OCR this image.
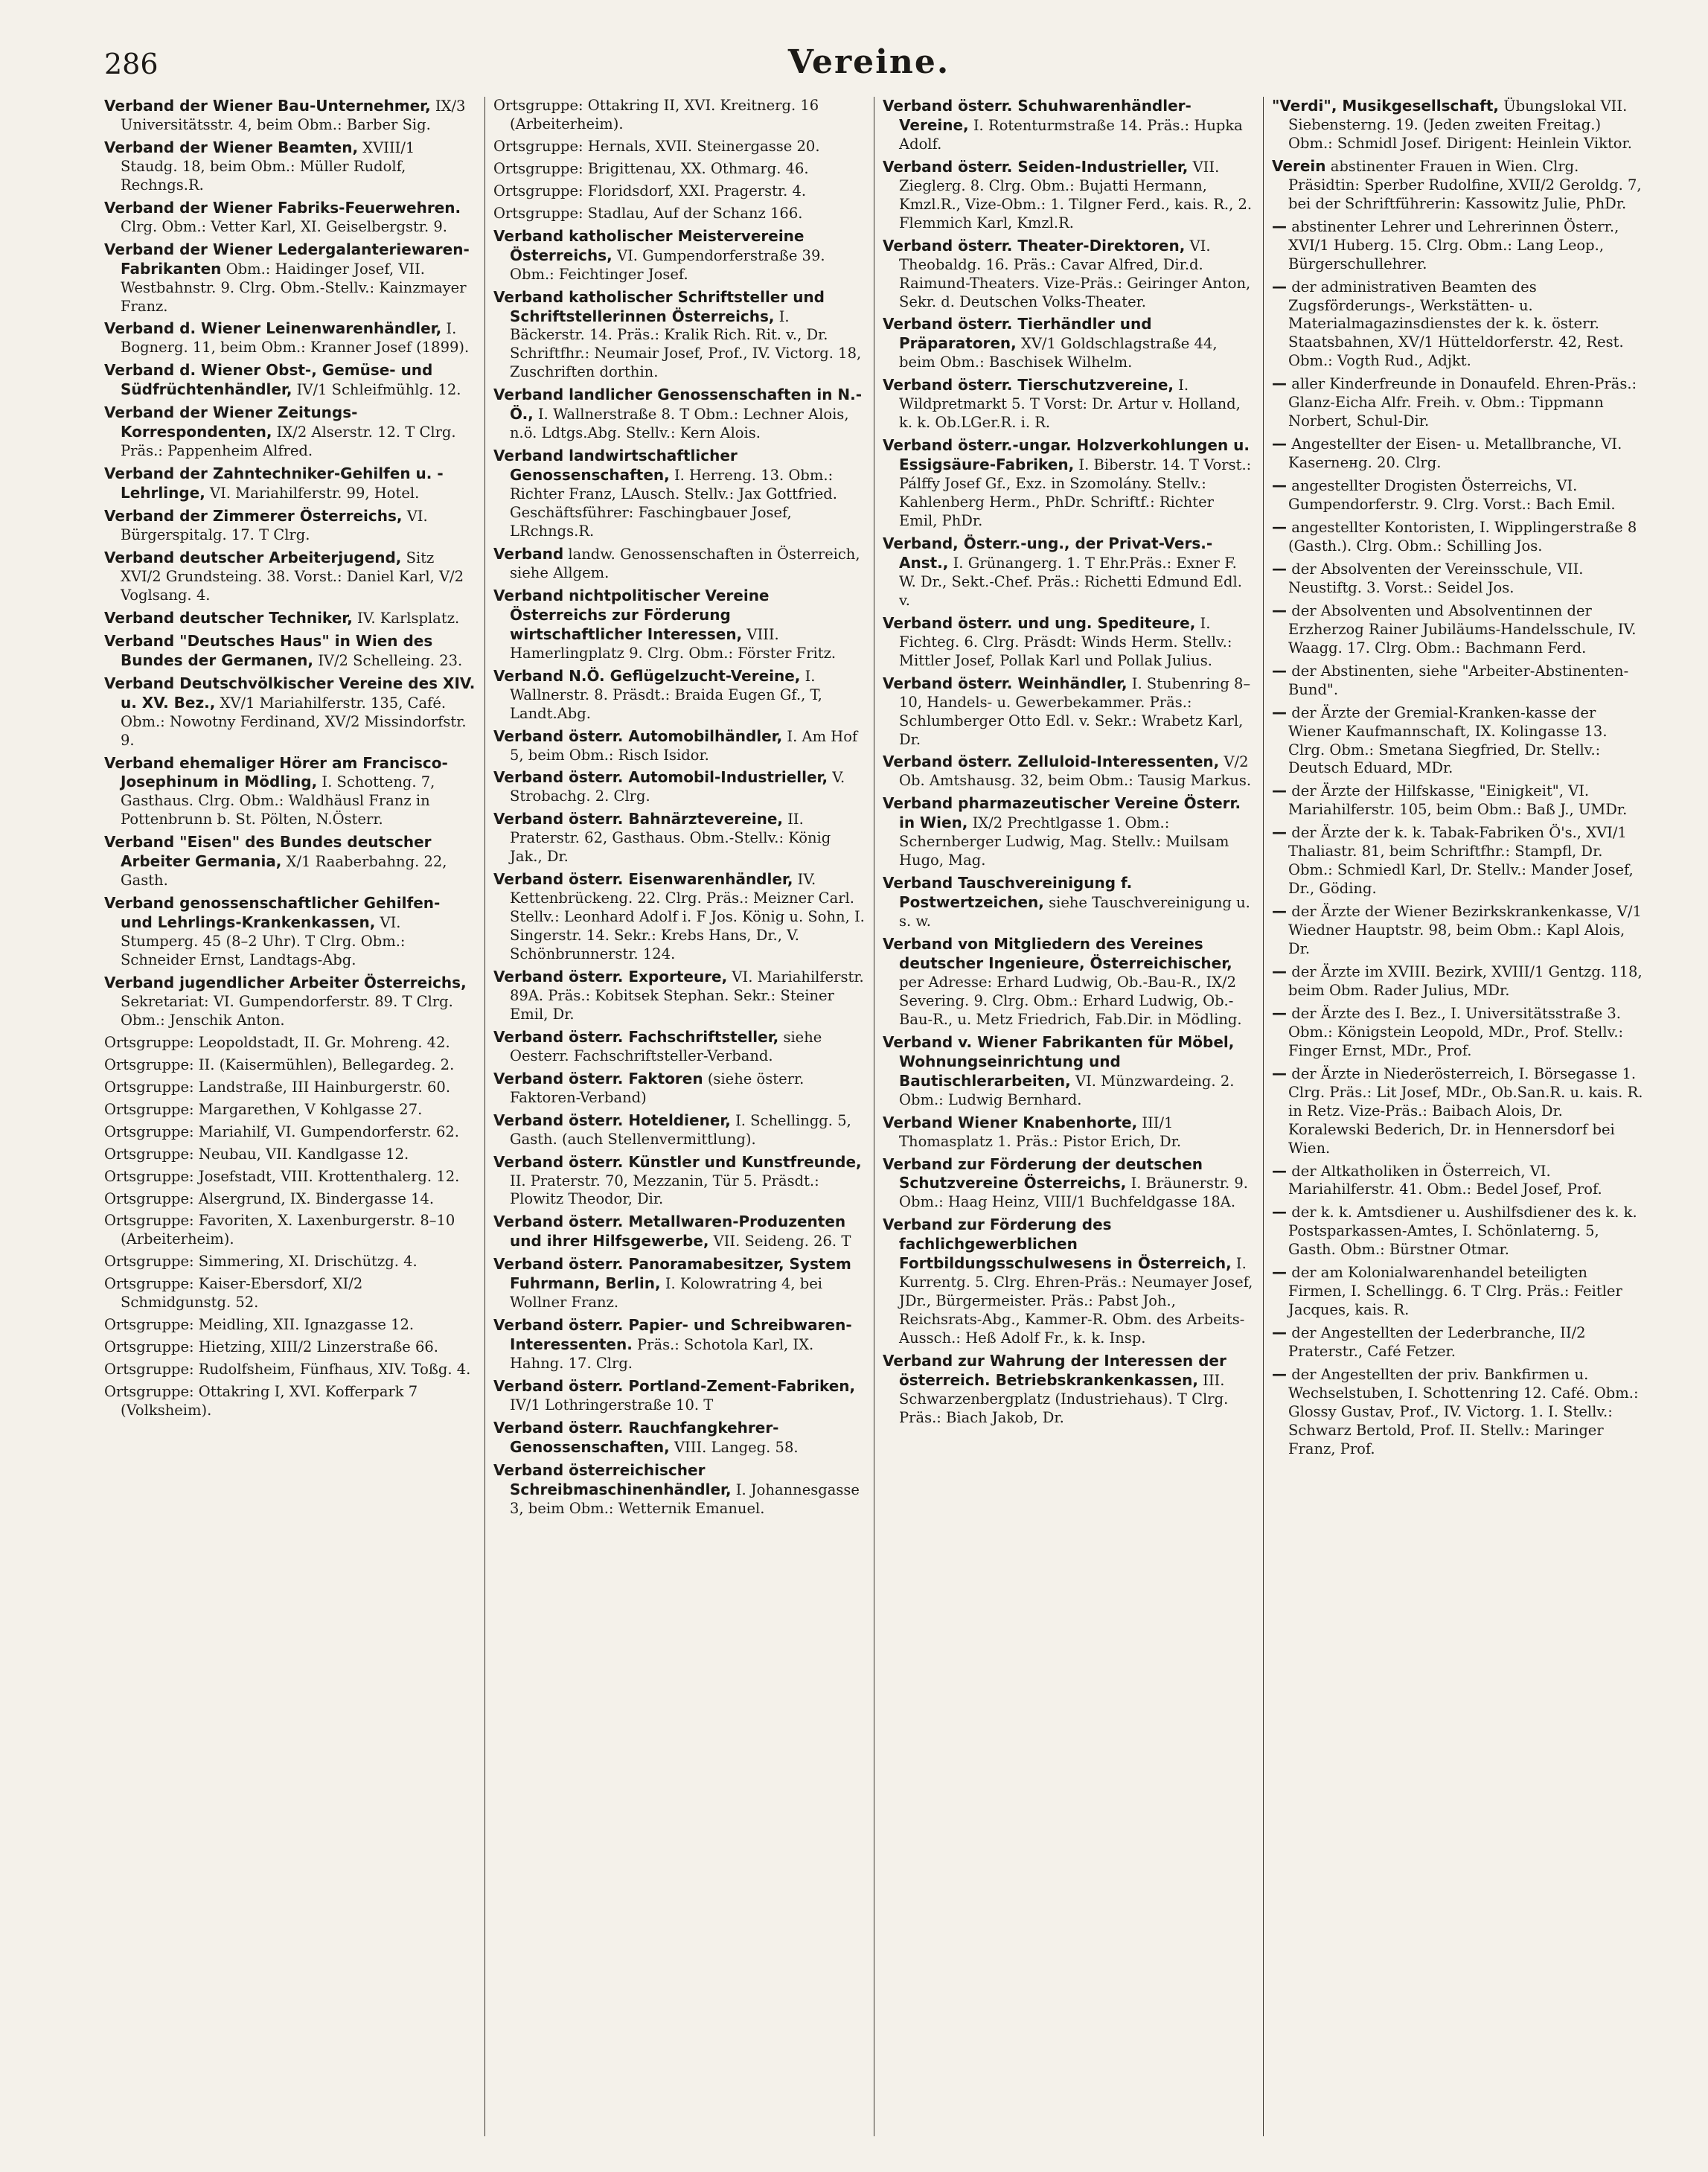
286	Vereine.

Verband der Wiener Bau-Unternehmer, IX/3 Universitätsstr. 4, beim Obm.: Barber Sig.

Verband der Wiener Beamten, XVIII/1 Staudg. 18, beim Obm.: Müller Rudolf, Rechngs.R.

Verband der Wiener Fabriks-Feuerwehren. Clrg. Obm.: Vetter Karl, XI. Geiselbergstr. 9.

Verband der Wiener Ledergalanteriewaren-Fabrikanten Obm.: Haidinger Josef, VII. Westbahnstr. 9. Clrg. Obm.-Stellv.: Kainzmayer Franz.

Verband d. Wiener Leinenwarenhändler, I. Bognerg. 11, beim Obm.: Kranner Josef (1899).

Verband d. Wiener Obst-, Gemüse- und Südfrüchtenhändler, IV/1 Schleifmühlg. 12.

Verband der Wiener Zeitungs-Korrespondenten, IX/2 Alserstr. 12. T Clrg. Präs.: Pappenheim Alfred.

Verband der Zahntechniker-Gehilfen u. -Lehrlinge, VI. Mariahilferstr. 99, Hotel.

Verband der Zimmerer Österreichs, VI. Bürgerspitalg. 17. T Clrg.

Verband deutscher Arbeiterjugend, Sitz XVI/2 Grundsteing. 38. Vorst.: Daniel Karl, V/2 Voglsang. 4.

Verband deutscher Techniker, IV. Karlsplatz.

Verband "Deutsches Haus" in Wien des Bundes der Germanen, IV/2 Schelleing. 23.

Verband Deutschvölkischer Vereine des XIV. u. XV. Bez., XV/1 Mariahilferstr. 135, Café. Obm.: Nowotny Ferdinand, XV/2 Missindorfstr. 9.

Verband ehemaliger Hörer am Francisco-Josephinum in Mödling, I. Schotteng. 7, Gasthaus. Clrg. Obm.: Waldhäusl Franz in Pottenbrunn b. St. Pölten, N.Österr.

Verband "Eisen" des Bundes deutscher Arbeiter Germania, X/1 Raaberbahng. 22, Gasth.

Verband genossenschaftlicher Gehilfen- und Lehrlings-Krankenkassen, VI. Stumperg. 45 (8–2 Uhr). T Clrg. Obm.: Schneider Ernst, Landtags-Abg.

Verband jugendlicher Arbeiter Österreichs, Sekretariat: VI. Gumpendorferstr. 89. T Clrg. Obm.: Jenschik Anton.

Ortsgruppe: Leopoldstadt, II. Gr. Mohreng. 42.

Ortsgruppe: II. (Kaisermühlen), Bellegardeg. 2.

Ortsgruppe: Landstraße, III Hainburgerstr. 60.

Ortsgruppe: Margarethen, V Kohlgasse 27.

Ortsgruppe: Mariahilf, VI. Gumpendorferstr. 62.

Ortsgruppe: Neubau, VII. Kandlgasse 12.

Ortsgruppe: Josefstadt, VIII. Krottenthalerg. 12.

Ortsgruppe: Alsergrund, IX. Bindergasse 14.

Ortsgruppe: Favoriten, X. Laxenburgerstr. 8–10 (Arbeiterheim).

Ortsgruppe: Simmering, XI. Drischützg. 4.

Ortsgruppe: Kaiser-Ebersdorf, XI/2 Schmidgunstg. 52.

Ortsgruppe: Meidling, XII. Ignazgasse 12.

Ortsgruppe: Hietzing, XIII/2 Linzerstraße 66.

Ortsgruppe: Rudolfsheim, Fünfhaus, XIV. Toßg. 4.

Ortsgruppe: Ottakring I, XVI. Kofferpark 7 (Volksheim).

Ortsgruppe: Ottakring II, XVI. Kreitnerg. 16 (Arbeiterheim).

Ortsgruppe: Hernals, XVII. Steinergasse 20.

Ortsgruppe: Brigittenau, XX. Othmarg. 46.

Ortsgruppe: Floridsdorf, XXI. Pragerstr. 4.

Ortsgruppe: Stadlau, Auf der Schanz 166.

Verband katholischer Meistervereine Österreichs, VI. Gumpendorferstraße 39. Obm.: Feichtinger Josef.

Verband katholischer Schriftsteller und Schriftstellerinnen Österreichs, I. Bäckerstr. 14. Präs.: Kralik Rich. Rit. v., Dr. Schriftfhr.: Neumair Josef, Prof., IV. Victorg. 18, Zuschriften dorthin.

Verband landlicher Genossenschaften in N.-Ö., I. Wallnerstraße 8. T Obm.: Lechner Alois, n.ö. Ldtgs.Abg. Stellv.: Kern Alois.

Verband landwirtschaftlicher Genossenschaften, I. Herreng. 13. Obm.: Richter Franz, LAusch. Stellv.: Jax Gottfried. Geschäftsführer: Faschingbauer Josef, LRchngs.R.

Verband landw. Genossenschaften in Österreich, siehe Allgem.

Verband nichtpolitischer Vereine Österreichs zur Förderung wirtschaftlicher Interessen, VIII. Hamerlingplatz 9. Clrg. Obm.: Förster Fritz.

Verband N.Ö. Geflügelzucht-Vereine, I. Wallnerstr. 8. Präsdt.: Braida Eugen Gf., T, Landt.Abg.

Verband österr. Automobilhändler, I. Am Hof 5, beim Obm.: Risch Isidor.

Verband österr. Automobil-Industrieller, V. Strobachg. 2. Clrg.

Verband österr. Bahnärztevereine, II. Praterstr. 62, Gasthaus. Obm.-Stellv.: König Jak., Dr.

Verband österr. Eisenwarenhändler, IV. Kettenbrückeng. 22. Clrg. Präs.: Meizner Carl. Stellv.: Leonhard Adolf i. F Jos. König u. Sohn, I. Singerstr. 14. Sekr.: Krebs Hans, Dr., V. Schönbrunnerstr. 124.

Verband österr. Exporteure, VI. Mariahilferstr. 89A. Präs.: Kobitsek Stephan. Sekr.: Steiner Emil, Dr.

Verband österr. Fachschriftsteller, siehe Oesterr. Fachschriftsteller-Verband.

Verband österr. Faktoren (siehe österr. Faktoren-Verband)

Verband österr. Hoteldiener, I. Schellingg. 5, Gasth. (auch Stellenvermittlung).

Verband österr. Künstler und Kunstfreunde, II. Praterstr. 70, Mezzanin, Tür 5. Präsdt.: Plowitz Theodor, Dir.

Verband österr. Metallwaren-Produzenten und ihrer Hilfsgewerbe, VII. Seideng. 26. T

Verband österr. Panoramabesitzer, System Fuhrmann, Berlin, I. Kolowratring 4, bei Wollner Franz.

Verband österr. Papier- und Schreibwaren-Interessenten. Präs.: Schotola Karl, IX. Hahng. 17. Clrg.

Verband österr. Portland-Zement-Fabriken, IV/1 Lothringerstraße 10. T

Verband österr. Rauchfangkehrer-Genossenschaften, VIII. Langeg. 58.

Verband österreichischer Schreibmaschinenhändler, I. Johannesgasse 3, beim Obm.: Wetternik Emanuel.

Verband österr. Schuhwarenhändler-Vereine, I. Rotenturmstraße 14. Präs.: Hupka Adolf.

Verband österr. Seiden-Industrieller, VII. Zieglerg. 8. Clrg. Obm.: Bujatti Hermann, Kmzl.R., Vize-Obm.: 1. Tilgner Ferd., kais. R., 2. Flemmich Karl, Kmzl.R.

Verband österr. Theater-Direktoren, VI. Theobaldg. 16. Präs.: Cavar Alfred, Dir.d. Raimund-Theaters. Vize-Präs.: Geiringer Anton, Sekr. d. Deutschen Volks-Theater.

Verband österr. Tierhändler und Präparatoren, XV/1 Goldschlagstraße 44, beim Obm.: Baschisek Wilhelm.

Verband österr. Tierschutzvereine, I. Wildpretmarkt 5. T Vorst: Dr. Artur v. Holland, k. k. Ob.LGer.R. i. R.

Verband österr.-ungar. Holzverkohlungen u. Essigsäure-Fabriken, I. Biberstr. 14. T Vorst.: Pálffy Josef Gf., Exz. in Szomolány. Stellv.: Kahlenberg Herm., PhDr. Schriftf.: Richter Emil, PhDr.

Verband, Österr.-ung., der Privat-Vers.-Anst., I. Grünangerg. 1. T Ehr.Präs.: Exner F. W. Dr., Sekt.-Chef. Präs.: Richetti Edmund Edl. v.

Verband österr. und ung. Spediteure, I. Fichteg. 6. Clrg. Präsdt: Winds Herm. Stellv.: Mittler Josef, Pollak Karl und Pollak Julius.

Verband österr. Weinhändler, I. Stubenring 8–10, Handels- u. Gewerbekammer. Präs.: Schlumberger Otto Edl. v. Sekr.: Wrabetz Karl, Dr.

Verband österr. Zelluloid-Interessenten, V/2 Ob. Amtshausg. 32, beim Obm.: Tausig Markus.

Verband pharmazeutischer Vereine Österr. in Wien, IX/2 Prechtlgasse 1. Obm.: Schernberger Ludwig, Mag. Stellv.: Muilsam Hugo, Mag.

Verband Tauschvereinigung f. Postwertzeichen, siehe Tauschvereinigung u. s. w.

Verband von Mitgliedern des Vereines deutscher Ingenieure, Österreichischer, per Adresse: Erhard Ludwig, Ob.-Bau-R., IX/2 Severing. 9. Clrg. Obm.: Erhard Ludwig, Ob.-Bau-R., u. Metz Friedrich, Fab.Dir. in Mödling.

Verband v. Wiener Fabrikanten für Möbel, Wohnungseinrichtung und Bautischlerarbeiten, VI. Münzwardeing. 2. Obm.: Ludwig Bernhard.

Verband Wiener Knabenhorte, III/1 Thomasplatz 1. Präs.: Pistor Erich, Dr.

Verband zur Förderung der deutschen Schutzvereine Österreichs, I. Bräunerstr. 9. Obm.: Haag Heinz, VIII/1 Buchfeldgasse 18A.

Verband zur Förderung des fachlichgewerblichen Fortbildungsschulwesens in Österreich, I. Kurrentg. 5. Clrg. Ehren-Präs.: Neumayer Josef, JDr., Bürgermeister. Präs.: Pabst Joh., Reichsrats-Abg., Kammer-R. Obm. des Arbeits-Aussch.: Heß Adolf Fr., k. k. Insp.

Verband zur Wahrung der Interessen der österreich. Betriebskrankenkassen, III. Schwarzenbergplatz (Industriehaus). T Clrg. Präs.: Biach Jakob, Dr.

"Verdi", Musikgesellschaft, Übungslokal VII. Siebensterng. 19. (Jeden zweiten Freitag.) Obm.: Schmidl Josef. Dirigent: Heinlein Viktor.

Verein abstinenter Frauen in Wien. Clrg. Präsidtin: Sperber Rudolfine, XVII/2 Geroldg. 7, bei der Schriftführerin: Kassowitz Julie, PhDr.

— abstinenter Lehrer und Lehrerinnen Österr., XVI/1 Huberg. 15. Clrg. Obm.: Lang Leop., Bürgerschullehrer.

— der administrativen Beamten des Zugsförderungs-, Werkstätten- u. Materialmagazinsdienstes der k. k. österr. Staatsbahnen, XV/1 Hütteldorferstr. 42, Rest. Obm.: Vogth Rud., Adjkt.

— aller Kinderfreunde in Donaufeld. Ehren-Präs.: Glanz-Eicha Alfr. Freih. v. Obm.: Tippmann Norbert, Schul-Dir.

— Angestellter der Eisen- u. Metallbranche, VI. Kasernенg. 20. Clrg.

— angestellter Drogisten Österreichs, VI. Gumpendorferstr. 9. Clrg. Vorst.: Bach Emil.

— angestellter Kontoristen, I. Wipplingerstraße 8 (Gasth.). Clrg. Obm.: Schilling Jos.

— der Absolventen der Vereinsschule, VII. Neustiftg. 3. Vorst.: Seidel Jos.

— der Absolventen und Absolventinnen der Erzherzog Rainer Jubiläums-Handelsschule, IV. Waagg. 17. Clrg. Obm.: Bachmann Ferd.

— der Abstinenten, siehe "Arbeiter-Abstinenten-Bund".

— der Ärzte der Gremial-Kranken-kasse der Wiener Kaufmannschaft, IX. Kolingasse 13. Clrg. Obm.: Smetana Siegfried, Dr. Stellv.: Deutsch Eduard, MDr.

— der Ärzte der Hilfskasse, "Einigkeit", VI. Mariahilferstr. 105, beim Obm.: Baß J., UMDr.

— der Ärzte der k. k. Tabak-Fabriken Ö's., XVI/1 Thaliastr. 81, beim Schriftfhr.: Stampfl, Dr. Obm.: Schmiedl Karl, Dr. Stellv.: Mander Josef, Dr., Göding.

— der Ärzte der Wiener Bezirkskrankenkasse, V/1 Wiedner Hauptstr. 98, beim Obm.: Kapl Alois, Dr.

— der Ärzte im XVIII. Bezirk, XVIII/1 Gentzg. 118, beim Obm. Rader Julius, MDr.

— der Ärzte des I. Bez., I. Universitätsstraße 3. Obm.: Königstein Leopold, MDr., Prof. Stellv.: Finger Ernst, MDr., Prof.

— der Ärzte in Niederösterreich, I. Börsegasse 1. Clrg. Präs.: Lit Josef, MDr., Ob.San.R. u. kais. R. in Retz. Vize-Präs.: Baibach Alois, Dr. Koralewski Bederich, Dr. in Hennersdorf bei Wien.

— der Altkatholiken in Österreich, VI. Mariahilferstr. 41. Obm.: Bedel Josef, Prof.

— der k. k. Amtsdiener u. Aushilfsdiener des k. k. Postsparkassen-Amtes, I. Schönlaterng. 5, Gasth. Obm.: Bürstner Otmar.

— der am Kolonialwarenhandel beteiligten Firmen, I. Schellingg. 6. T Clrg. Präs.: Feitler Jacques, kais. R.

— der Angestellten der Lederbranche, II/2 Praterstr., Café Fetzer.

— der Angestellten der priv. Bankfirmen u. Wechselstuben, I. Schottenring 12. Café. Obm.: Glossy Gustav, Prof., IV. Victorg. 1. I. Stellv.: Schwarz Bertold, Prof. II. Stellv.: Maringer Franz, Prof.
